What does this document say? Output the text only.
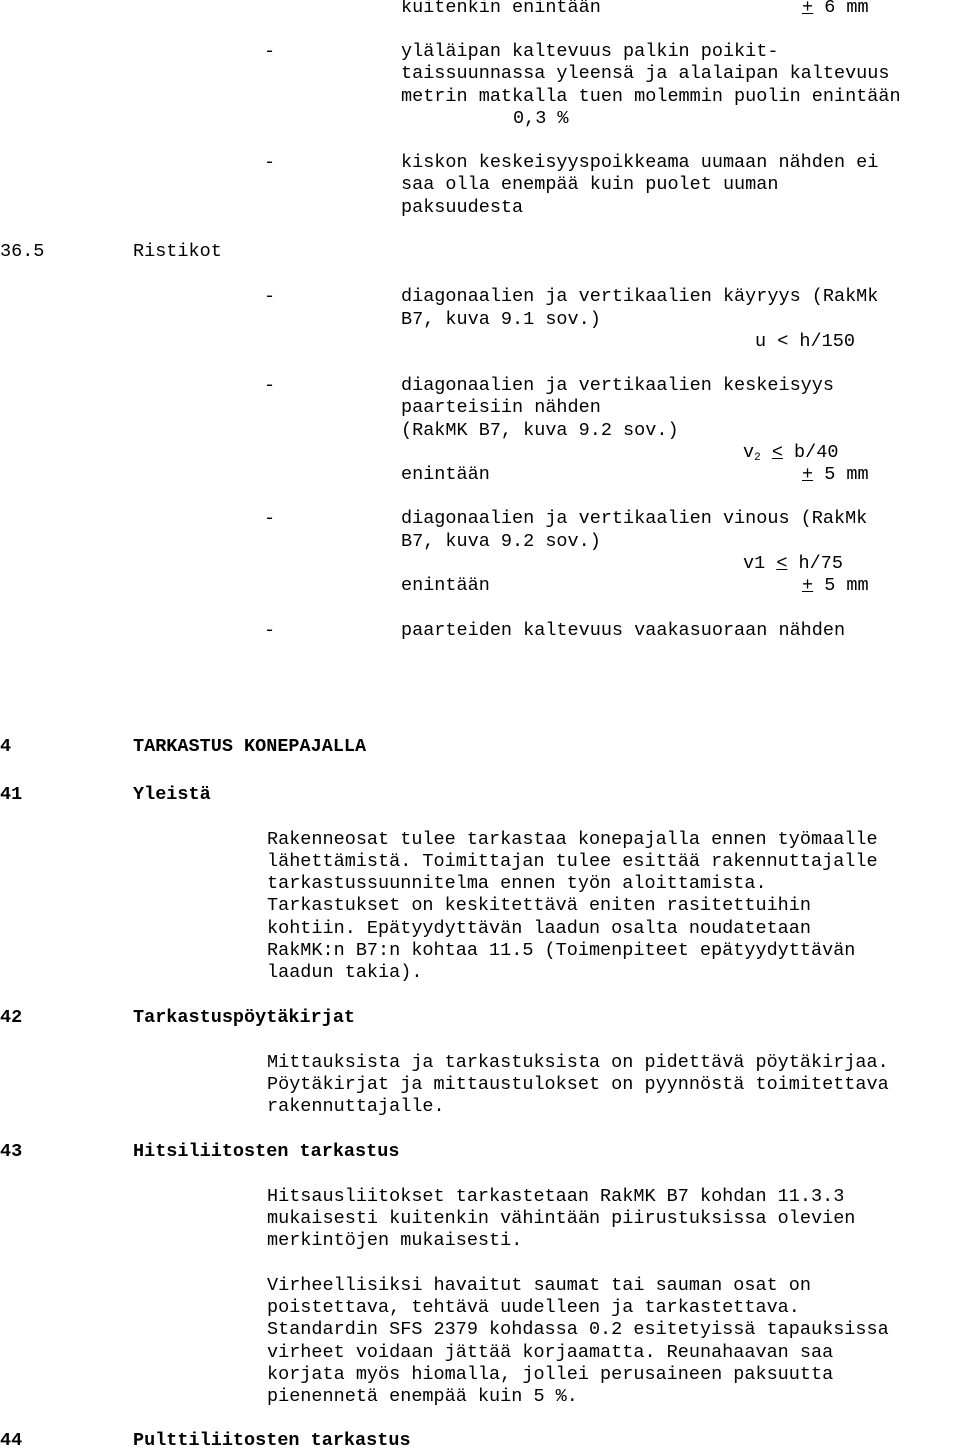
kuitenkin enintään	+ 6 mm
-	yläläipan kaltevuus palkin poikit-
taissuunnassa yleensä ja alalaipan kaltevuus
metrin matkalla tuen molemmin puolin enintään
0,3 %
-	kiskon keskeisyyspoikkeama uumaan nähden ei
saa olla enempää kuin puolet uuman
paksuudesta
36.5	Ristikot
-	diagonaalien ja vertikaalien käyryys (RakMk
B7, kuva 9.1 sov.)
u < h/150
-	diagonaalien ja vertikaalien keskeisyys
paarteisiin nähden
(RakMK B7, kuva 9.2 sov.)
$v_2 \le b/40$
enintään	+ 5 mm
-	diagonaalien ja vertikaalien vinous (RakMk
B7, kuva 9.2 sov.)
v1 ≤ h/75
enintään	+ 5 mm
-	paarteiden kaltevuus vaakasuoraan nähden
4	TARKASTUS KONEPAJALLA
41	Yleistä
Rakenneosat tulee tarkastaa konepajalla ennen työmaalle
lähettämistä. Toimittajan tulee esittää rakennuttajalle
tarkastussuunnitelma ennen työn aloittamista.
Tarkastukset on keskitettävä eniten rasitettuihin
kohtiin. Epätyydyttävän laadun osalta noudatetaan
RakMK:n B7:n kohtaa 11.5 (Toimenpiteet epätyydyttävän
laadun takia).
42	Tarkastuspöytäkirjat
Mittauksista ja tarkastuksista on pidettävä pöytäkirjaa.
Pöytäkirjat ja mittaustulokset on pyynnöstä toimitettava
rakennuttajalle.
43	Hitsiliitosten tarkastus
Hitsausliitokset tarkastetaan RakMK B7 kohdan 11.3.3
mukaisesti kuitenkin vähintään piirustuksissa olevien
merkintöjen mukaisesti.
Virheellisiksi havaitut saumat tai sauman osat on
poistettava, tehtävä uudelleen ja tarkastettava.
Standardin SFS 2379 kohdassa 0.2 esitetyissä tapauksissa
virheet voidaan jättää korjaamatta. Reunahaavan saa
korjata myös hiomalla, jollei perusaineen paksuutta
pienennetä enempää kuin 5 %.
44	Pulttiliitosten tarkastus
